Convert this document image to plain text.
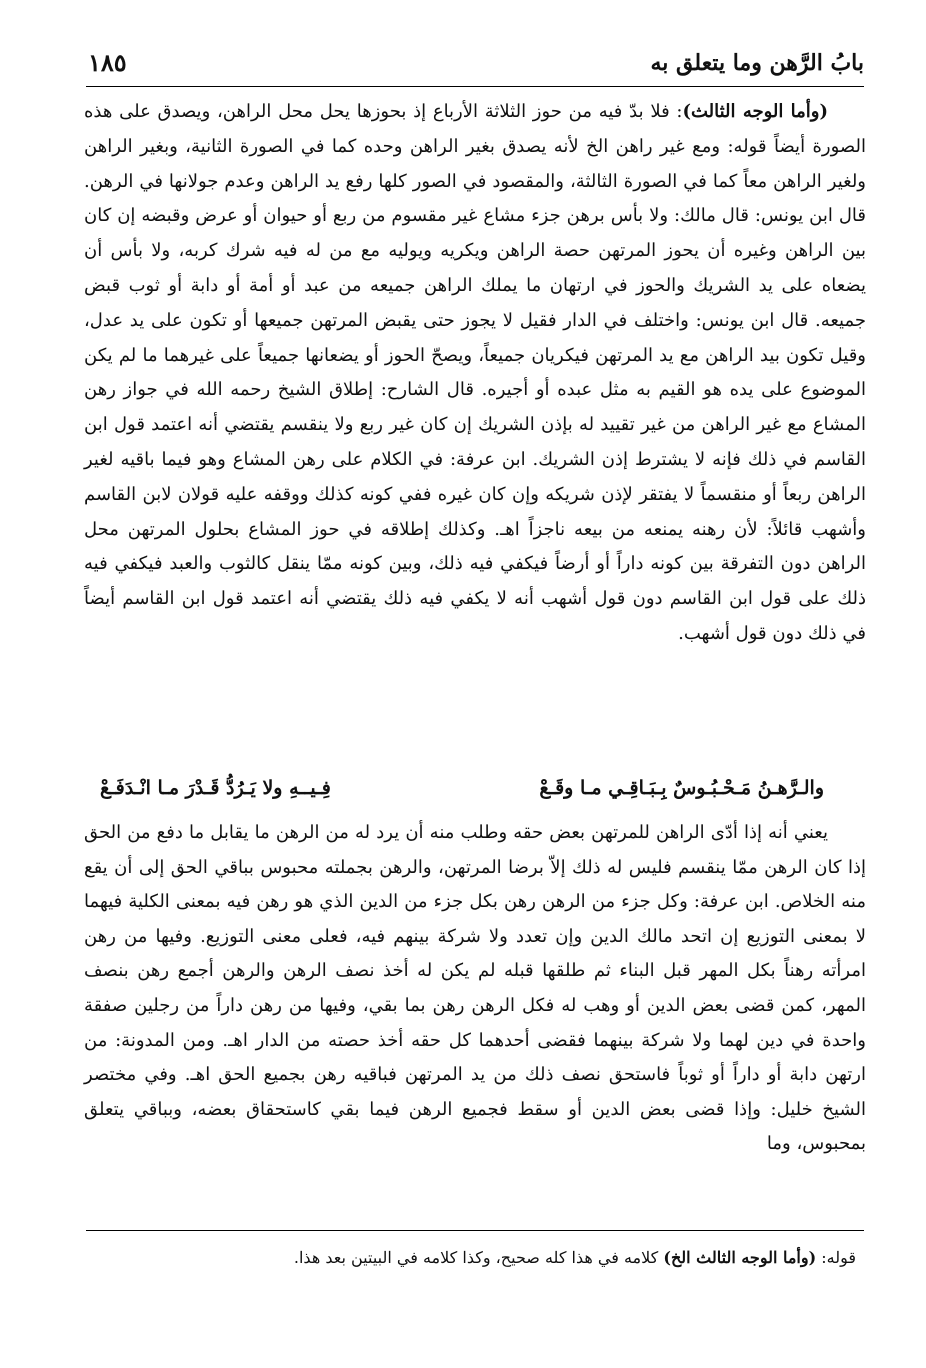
١٨٥	بابُ الرَّهن وما يتعلق به

(وأما الوجه الثالث): فلا بدّ فيه من حوز الثلاثة الأرباع إذ بحوزها يحل محل الراهن، ويصدق على هذه الصورة أيضاً قوله: ومع غير راهن الخ لأنه يصدق بغير الراهن وحده كما في الصورة الثانية، وبغير الراهن ولغير الراهن معاً كما في الصورة الثالثة، والمقصود في الصور كلها رفع يد الراهن وعدم جولانها في الرهن. قال ابن يونس: قال مالك: ولا بأس برهن جزء مشاع غير مقسوم من ربع أو حيوان أو عرض وقبضه إن كان بين الراهن وغيره أن يحوز المرتهن حصة الراهن ويكريه ويوليه مع من له فيه شرك كربه، ولا بأس أن يضعاه على يد الشريك والحوز في ارتهان ما يملك الراهن جميعه من عبد أو أمة أو دابة أو ثوب قبض جميعه. قال ابن يونس: واختلف في الدار فقيل لا يجوز حتى يقبض المرتهن جميعها أو تكون على يد عدل، وقيل تكون بيد الراهن مع يد المرتهن فيكريان جميعاً، ويصحّ الحوز أو يضعانها جميعاً على غيرهما ما لم يكن الموضوع على يده هو القيم به مثل عبده أو أجيره. قال الشارح: إطلاق الشيخ رحمه الله في جواز رهن المشاع مع غير الراهن من غير تقييد له بإذن الشريك إن كان غير ربع ولا ينقسم يقتضي أنه اعتمد قول ابن القاسم في ذلك فإنه لا يشترط إذن الشريك. ابن عرفة: في الكلام على رهن المشاع وهو فيما باقيه لغير الراهن ربعاً أو منقسماً لا يفتقر لإذن شريكه وإن كان غيره ففي كونه كذلك ووقفه عليه قولان لابن القاسم وأشهب قائلاً: لأن رهنه يمنعه من بيعه ناجزاً اهـ. وكذلك إطلاقه في حوز المشاع بحلول المرتهن محل الراهن دون التفرقة بين كونه داراً أو أرضاً فيكفي فيه ذلك، وبين كونه ممّا ينقل كالثوب والعبد فيكفي فيه ذلك على قول ابن القاسم دون قول أشهب أنه لا يكفي فيه ذلك يقتضي أنه اعتمد قول ابن القاسم أيضاً في ذلك دون قول أشهب.

والـرَّهـنُ مَـحْـبُـوسٌ بِـبَـاقِـي مـا وقَـعْ
فِـيــهِ ولا يَـرُدُّ قَـدْرَ مـا انْـدَفَـعْ

يعني أنه إذا أدّى الراهن للمرتهن بعض حقه وطلب منه أن يرد له من الرهن ما يقابل ما دفع من الحق إذا كان الرهن ممّا ينقسم فليس له ذلك إلاّ برضا المرتهن، والرهن بجملته محبوس بباقي الحق إلى أن يقع منه الخلاص. ابن عرفة: وكل جزء من الرهن رهن بكل جزء من الدين الذي هو رهن فيه بمعنى الكلية فيهما لا بمعنى التوزيع إن اتحد مالك الدين وإن تعدد ولا شركة بينهم فيه، فعلى معنى التوزيع. وفيها من رهن امرأته رهناً بكل المهر قبل البناء ثم طلقها قبله لم يكن له أخذ نصف الرهن والرهن أجمع رهن بنصف المهر، كمن قضى بعض الدين أو وهب له فكل الرهن رهن بما بقي، وفيها من رهن داراً من رجلين صفقة واحدة في دين لهما ولا شركة بينهما فقضى أحدهما كل حقه أخذ حصته من الدار اهـ. ومن المدونة: من ارتهن دابة أو داراً أو ثوباً فاستحق نصف ذلك من يد المرتهن فباقيه رهن بجميع الحق اهـ. وفي مختصر الشيخ خليل: وإذا قضى بعض الدين أو سقط فجميع الرهن فيما بقي كاستحقاق بعضه، وبباقي يتعلق بمحبوس، وما

قوله: (وأما الوجه الثالث الخ) كلامه في هذا كله صحيح، وكذا كلامه في البيتين بعد هذا.
